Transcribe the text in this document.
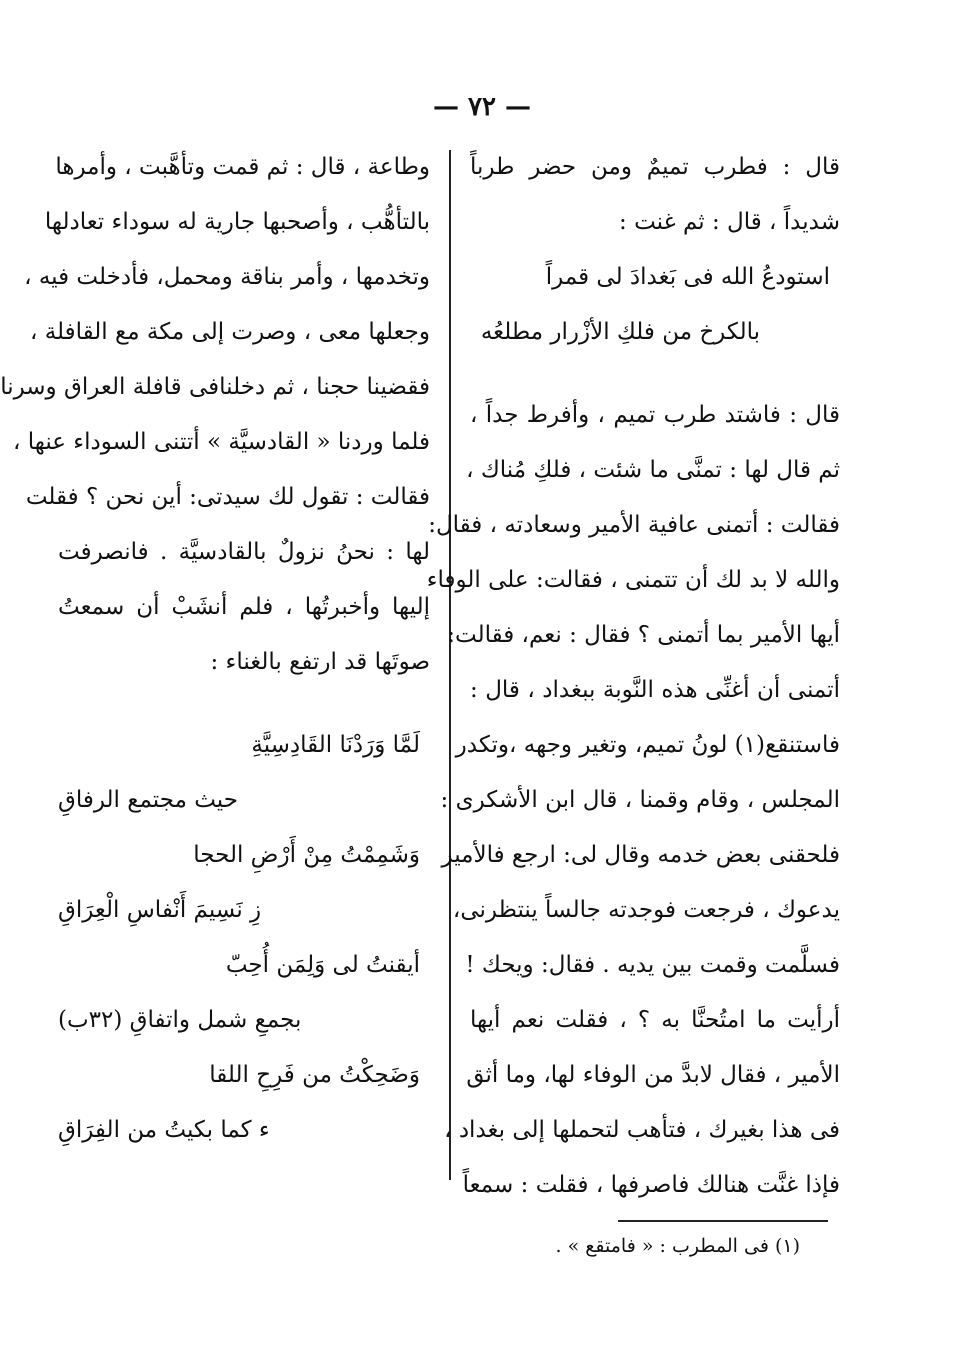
— ٧٢ —
قال : فطرب تميمٌ ومن حضر طرباً
شديداً ، قال : ثم غنت :
استودعُ الله فى بَغدادَ لى قمراً
بالكرخ من فلكِ الأزْرار مطلعُه
قال : فاشتد طرب تميم ، وأفرط جداً ،
ثم قال لها : تمنَّى ما شئت ، فلكِ مُناك ،
فقالت : أتمنى عافية الأمير وسعادته ، فقال:
والله لا بد لك أن تتمنى ، فقالت: على الوفاء
أيها الأمير بما أتمنى ؟ فقال : نعم، فقالت:
أتمنى أن أغنِّى هذه النَّوبة ببغداد ، قال :
فاستنقع(١) لونُ تميم، وتغير وجهه ،وتكدر
المجلس ، وقام وقمنا ، قال ابن الأشكرى :
فلحقنى بعض خدمه وقال لى: ارجع فالأمير
يدعوك ، فرجعت فوجدته جالساً ينتظرنى،
فسلَّمت وقمت بين يديه . فقال: ويحك !
أرأيت ما امتُحنَّا به ؟ ، فقلت نعم أيها
الأمير ، فقال لابدَّ من الوفاء لها، وما أثق
فى هذا بغيرك ، فتأهب لتحملها إلى بغداد ،
فإذا غنَّت هنالك فاصرفها ، فقلت : سمعاً
وطاعة ، قال : ثم قمت وتأهَّبت ، وأمرها
بالتأهُّب ، وأصحبها جارية له سوداء تعادلها
وتخدمها ، وأمر بناقة ومحمل، فأدخلت فيه ،
وجعلها معى ، وصرت إلى مكة مع القافلة ،
فقضينا حجنا ، ثم دخلنافى قافلة العراق وسرنا
فلما وردنا « القادسيَّة » أتتنى السوداء عنها ،
فقالت : تقول لك سيدتى: أين نحن ؟ فقلت
لها : نحنُ نزولٌ بالقادسيَّة . فانصرفت
إليها وأخبرتُها ، فلم أنشَبْ أن سمعتُ
صوتَها قد ارتفع بالغناء :
لَمَّا وَرَدْنَا القَادِسِيَّةِ
حيث مجتمع الرفاقِ
وَشَمِمْتُ مِنْ أَرْضِ الحجا
زِ نَسِيمَ أَنْفاسِ الْعِرَاقِ
أيقنتُ لى وَلِمَن أُحِبّ
بجمعِ شمل واتفاقِ (٣٢ب)
وَضَحِكْتُ من فَرِحِ اللقا
ء كما بكيتُ من الفِرَاقِ
(١) فى المطرب : « فامتقع » .
